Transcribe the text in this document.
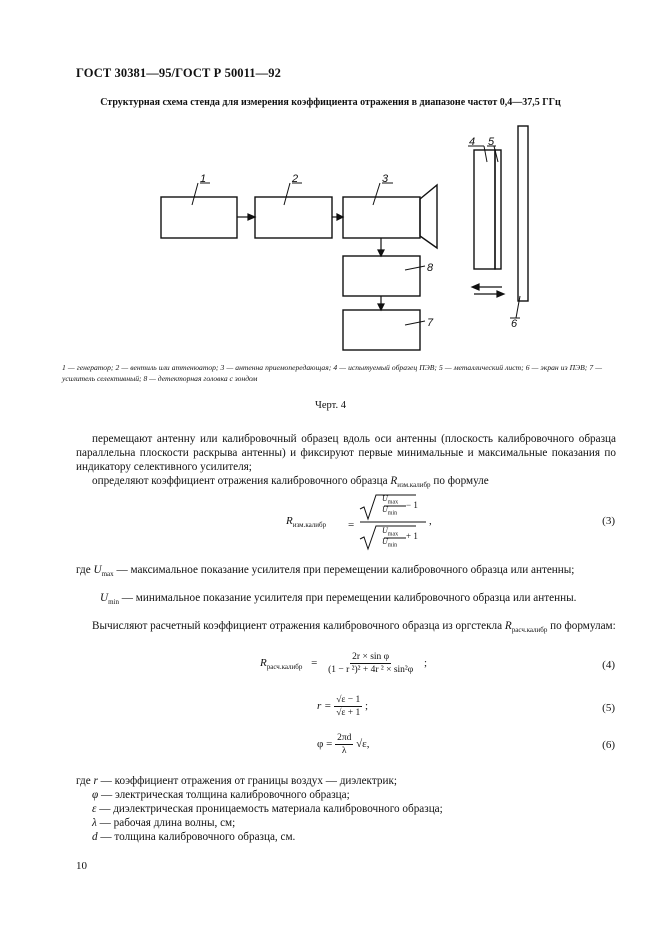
ГОСТ 30381—95/ГОСТ Р 50011—92
Структурная схема стенда для измерения коэффициента отражения в диапазоне частот 0,4—37,5 ГГц
1	2	3
4 5
8
7	6
1 — генератор; 2 — вентиль или аттенюатор; 3 — антенна приемопередающая; 4 — испытуемый образец ПЭВ; 5 — металлический лист; 6 — экран из ПЭВ; 7 — усилитель селективный; 8 — детекторная головка с зондом
Черт. 4
перемещают антенну или калибровочный образец вдоль оси антенны (плоскость калибровочного образца параллельна плоскости раскрыва антенны) и фиксируют первые минимальные и максимальные показания по индикатору селективного усилителя;
определяют коэффициент отражения калибровочного образца $R_{изм.калибр}$ по формуле
$R_{изм.калибр}$ =
$U_{max}$
$U_{min}$
− 1
$U_{max}$
$U_{min}$
+ 1
,	(3)
где $U_{max}$ — максимальное показание усилителя при перемещении калибровочного образца или антенны;
$U_{min}$ — минимальное показание усилителя при перемещении калибровочного образца или антенны.
Вычисляют расчетный коэффициент отражения калибровочного образца из оргстекла $R_{расч.калибр}$ по формулам:
$R_{расч.калибр} = \frac{\text{2r × sin φ}}{\text{(1 − r ²)² + 4r ² × sin²φ}}$ ;	(4)
$r = \frac{√\varepsilon - 1}{√\varepsilon + 1}$ ;	(5)
$\varphi = \frac{2\pi d}{\lambda} √\varepsilon$,	(6)
где r — коэффициент отражения от границы воздух — диэлектрик;
φ — электрическая толщина калибровочного образца;
ε — диэлектрическая проницаемость материала калибровочного образца;
λ — рабочая длина волны, см;
d — толщина калибровочного образца, см.
10
